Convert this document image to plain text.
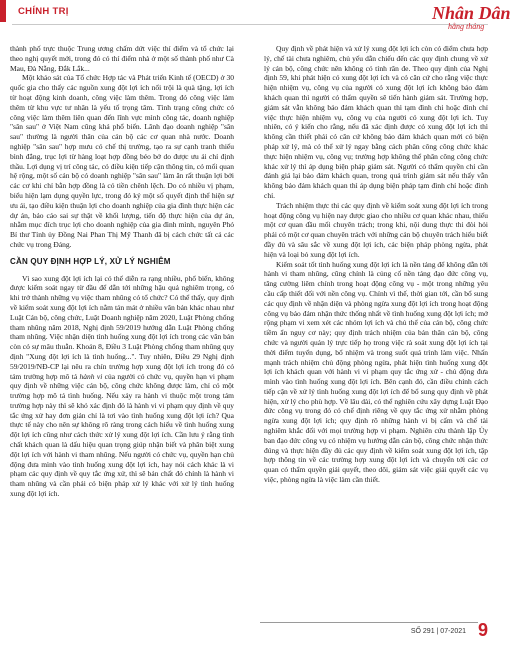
CHÍNH TRỊ	Nhân Dân
hằng tháng

thành phố trực thuộc Trung ương chấm dứt việc thí điểm và tổ chức lại theo nghị quyết mới, trong đó có thí điểm nhà ở một số thành phố như Cà Mau, Đà Nẵng, Đắk Lắk...

Một khảo sát của Tổ chức Hợp tác và Phát triển Kinh tế (OECD) ở 30 quốc gia cho thấy các nguồn xung đột lợi ích nổi trội là quà tặng, lợi ích từ hoạt động kinh doanh, công việc làm thêm. Trong đó công việc làm thêm từ khu vực tư nhân là yếu tố trọng tâm. Tình trạng công chức có công việc làm thêm liên quan đến lĩnh vực mình công tác, doanh nghiệp "sân sau" ở Việt Nam cũng khá phổ biến. Lãnh đạo doanh nghiệp "sân sau" thường là người thân của cán bộ các cơ quan nhà nước. Doanh nghiệp "sân sau" hợp mưu có chế thị trường, tạo ra sự cạnh tranh thiếu bình đẳng, trục lợi từ hàng loạt hợp đồng béo bở do được ưu ái chỉ định thầu. Lợi dụng vị trí công tác, có điều kiện tiếp cận thông tin, có mối quan hệ rộng, một số cán bộ có doanh nghiệp "sân sau" làm ăn rất thuận lợi bởi các cơ khi chỉ bằn hợp đồng là có tiền chênh lệch. Do có nhiều vị phạm, biểu hiện lạm dụng quyền lực, trong đó ký một số quyết định thể hiện sự ưu ái, tạo điều kiện thuận lợi cho doanh nghiệp của gia đình thực hiện các dự án, bảo cáo sai sự thật về khối lượng, tiến độ thực hiện của dự án, nhằm mục đích trục lợi cho doanh nghiệp của gia đình mình, nguyên Phó Bí thư Tỉnh ủy Đồng Nai Phan Thị Mỹ Thanh đã bị cách chức tất cả các chức vụ trong Đảng.

CẦN QUY ĐỊNH HỢP LÝ, XỬ LÝ NGHIÊM

Vì sao xung đột lợi ích lại có thể diễn ra rạng nhiều, phổ biến, không được kiểm soát ngay từ đầu để dẫn tới những hậu quả nghiêm trọng, có khi trở thành những vụ việc tham nhũng có tổ chức? Có thể thấy, quy định về kiểm soát xung đột lợi ích nằm tản mát ở nhiều văn bản khác nhau như Luật Cán bộ, công chức, Luật Doanh nghiệp năm 2020, Luật Phòng chống tham nhũng năm 2018, Nghị định 59/2019 hướng dẫn Luật Phòng chống tham nhũng. Việc nhận diện tình huống xung đột lợi ích trong các văn bản còn có sự mâu thuẫn. Khoản 8, Điều 3 Luật Phòng chống tham nhũng quy định "Xung đột lợi ích là tình huống...". Tuy nhiên, Điều 29 Nghị định 59/2019/NĐ-CP lại nêu ra chín trường hợp xung đột lợi ích trong đó có tám trường hợp mô tả hành vi của người có chức vụ, quyền hạn vi phạm quy định về những việc cán bộ, công chức không được làm, chỉ có một trường hợp mô tả tình huống. Nếu xảy ra hành vi thuộc một trong tám trường hợp này thì sẽ khó xác định đó là hành vi vi phạm quy định về quy tắc ứng xử hay đơn giản chỉ là tơi vào tình huống xung đột lợi ích? Qua thực tế này cho nên sự không rõ ràng trong cách hiểu về tình huống xung đột lợi ích cũng như cách thức xử lý xung đột lợi ích. Cần lưu ý rằng tình chất khách quan là dấu hiệu quan trọng giúp nhận biết và phân biệt xung đột lợi ích với hành vi tham nhũng. Nếu người có chức vụ, quyền hạn chủ động đưa mình vào tình huống xung đột lợi ích, hay nói cách khác là vi phạm các quy định về quy tắc ứng xử, thì sẽ bản chất đó chính là hành vi tham nhũng và cần phải có biện pháp xử lý khác với xử lý tình huống xung đột lợi ích.

Quy định về phát hiện và xử lý xung đột lợi ích còn có điểm chưa hợp lý, chế tài chưa nghiêm, chủ yếu dẫn chiếu đến các quy định chung về xử lý cán bộ, công chức nên không có tính răn đe. Theo quy định của Nghị định 59, khi phát hiện có xung đột lợi ích và có căn cứ cho rằng việc thực hiện nhiệm vụ, công vụ của người có xung đột lợi ích không bảo đảm khách quan thì người có thẩm quyền sẽ tiến hành giám sát. Trường hợp, giám sát vẫn không bảo đảm khách quan thì tạm đình chỉ hoặc đình chỉ việc thực hiện nhiệm vụ, công vụ của người có xung đột lợi ích. Tuy nhiên, có ý kiến cho rằng, nếu đã xác định được có xung đột lợi ích thì không cần thiết phải có cân cứ không bảo đảm khách quan mới có biện pháp xử lý, mà có thể xử lý ngay bằng cách phân công công chức khác thực hiện nhiệm vụ, công vụ; trường hợp không thể phân công công chức khác xử lý thì áp dụng biện pháp giám sát. Người có thẩm quyền chỉ cần đánh giá lại bảo đảm khách quan, trong quá trình giám sát nếu thấy vẫn không bảo đảm khách quan thì áp dụng biện pháp tạm đình chỉ hoặc đình chỉ.

Trách nhiệm thực thi các quy định về kiểm soát xung đột lợi ích trong hoạt động công vụ hiện nay được giao cho nhiều cơ quan khác nhau, thiếu một cơ quan đầu mối chuyên trách; trong khi, nội dung thực thi đòi hỏi phải có một cơ quan chuyên trách với những cán bộ chuyên trách hiểu biết đầy đủ và sâu sắc về xung đột lợi ích, các biện pháp phòng ngừa, phát hiện và loại bỏ xung đột lợi ích.

Kiểm soát tốt tình huống xung đột lợi ích là nền tảng để không dẫn tới hành vi tham nhũng, cũng chính là củng cố nền tảng đạo đức công vụ, tăng cường liêm chính trong hoạt động công vụ - một trong những yêu cầu cấp thiết đối với nền công vụ. Chính vì thế, thời gian tới, cần bổ sung các quy định về nhận diện và phòng ngừa xung đột lợi ích trong hoạt động công vụ bảo đảm nhận thức thống nhất về tình huống xung đột lợi ích; mở rộng phạm vi xem xét các nhóm lợi ích và chủ thể của cán bộ, công chức tiềm ẩn nguy cơ này; quy định trách nhiệm của bản thân cán bộ, công chức và người quản lý trực tiếp họ trong việc rà soát xung đột lợi ích tại thời điểm tuyển dụng, bổ nhiệm và trong suốt quá trình làm việc. Nhấn mạnh trách nhiệm chủ động phòng ngừa, phát hiện tình huống xung đột lợi ích khách quan với hành vi vi phạm quy tắc ứng xử - chủ động đưa mình vào tình huống xung đột lợi ích. Bên cạnh đó, cần điều chỉnh cách tiếp cận về xử lý tình huống xung đột lợi ích để bổ sung quy định về phát hiện, xử lý cho phù hợp. Về lâu dài, có thể nghiên cứu xây dựng Luật Đạo đức công vụ trong đó có chế định riêng về quy tắc ứng xử nhằm phòng ngừa xung đột lợi ích; quy định rõ những hành vi bị cấm và chế tài nghiêm khắc đối với mọi trường hợp vi phạm. Nghiên cứu thành lập Ủy ban đạo đức công vụ có nhiệm vụ hướng dẫn cán bộ, công chức nhận thức đúng và thực hiện đầy đủ các quy định về kiểm soát xung đột lợi ích, tập hợp thông tin về các trường hợp xung đột lợi ích và chuyển tới các cơ quan có thẩm quyền giải quyết, theo dõi, giám sát việc giải quyết các vụ việc, phòng ngừa là việc làm cần thiết.

SỐ 291 | 07-2021 9
